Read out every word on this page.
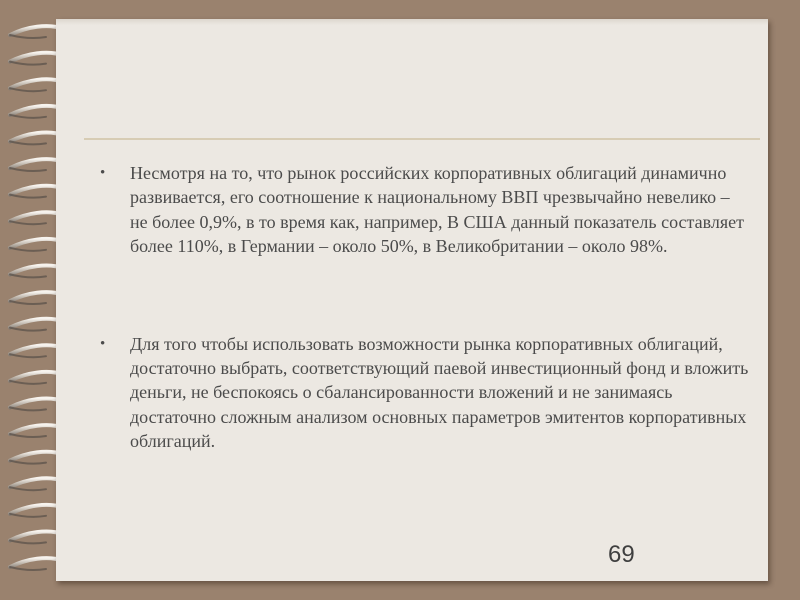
• Несмотря на то, что рынок российских корпоративных облигаций динамично развивается, его соотношение к национальному ВВП чрезвычайно невелико – не более 0,9%, в то время как, например, В США данный показатель составляет более 110%, в Германии – около 50%, в Великобритании – около 98%.
• Для того чтобы использовать возможности рынка корпоративных облигаций, достаточно выбрать, соответствующий паевой инвестиционный фонд и вложить деньги, не беспокоясь о сбалансированности вложений и не занимаясь достаточно сложным анализом основных параметров эмитентов корпоративных облигаций.
69
